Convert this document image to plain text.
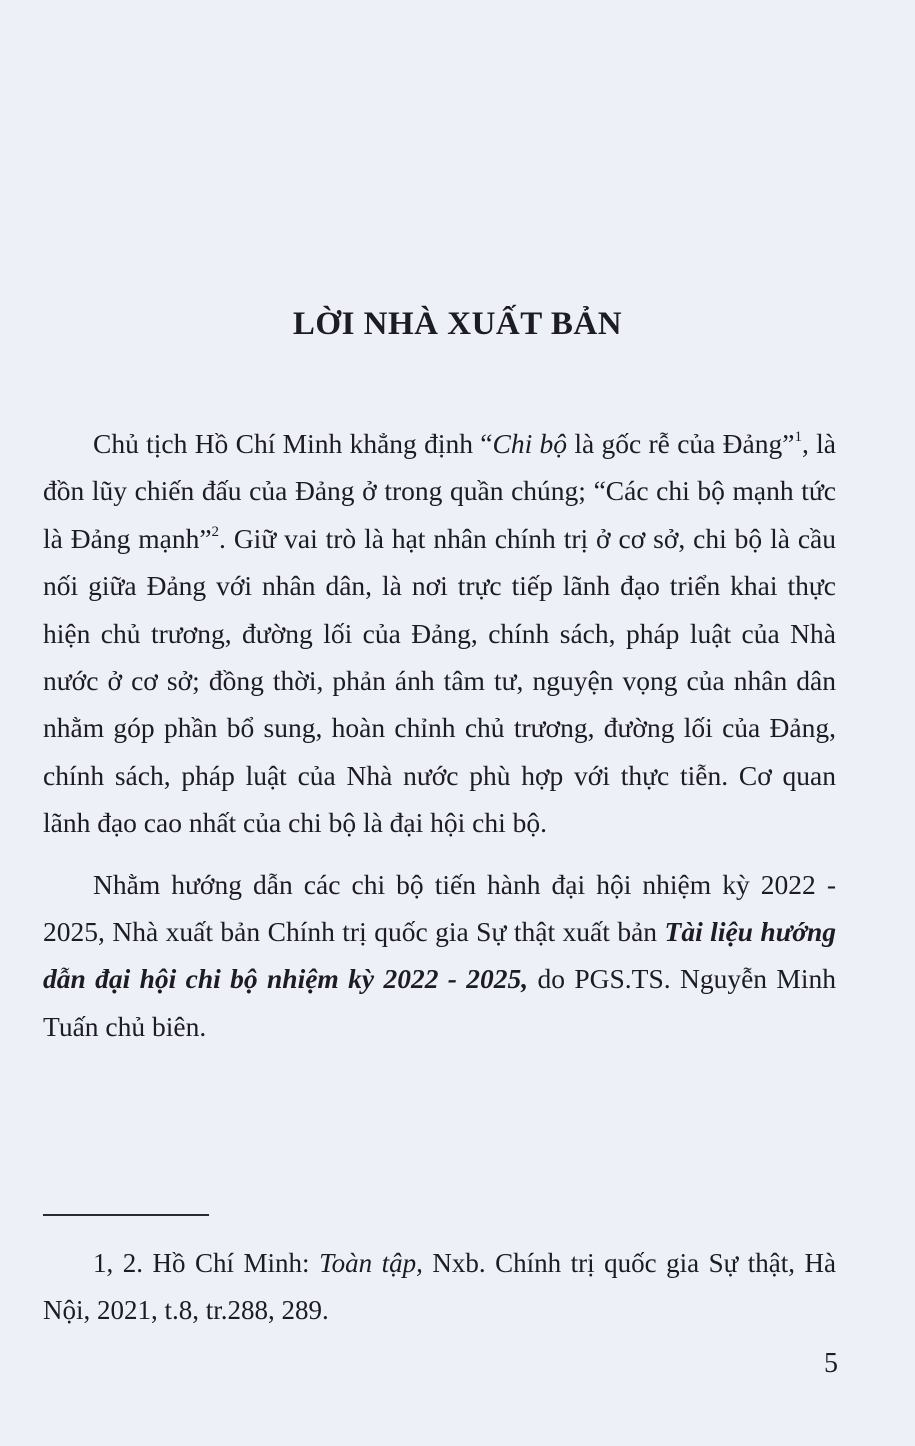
LỜI NHÀ XUẤT BẢN

Chủ tịch Hồ Chí Minh khẳng định “Chi bộ là gốc rễ của Đảng”$^1$, là đồn lũy chiến đấu của Đảng ở trong quần chúng; “Các chi bộ mạnh tức là Đảng mạnh”$^2$. Giữ vai trò là hạt nhân chính trị ở cơ sở, chi bộ là cầu nối giữa Đảng với nhân dân, là nơi trực tiếp lãnh đạo triển khai thực hiện chủ trương, đường lối của Đảng, chính sách, pháp luật của Nhà nước ở cơ sở; đồng thời, phản ánh tâm tư, nguyện vọng của nhân dân nhằm góp phần bổ sung, hoàn chỉnh chủ trương, đường lối của Đảng, chính sách, pháp luật của Nhà nước phù hợp với thực tiễn. Cơ quan lãnh đạo cao nhất của chi bộ là đại hội chi bộ.

Nhằm hướng dẫn các chi bộ tiến hành đại hội nhiệm kỳ 2022 - 2025, Nhà xuất bản Chính trị quốc gia Sự thật xuất bản Tài liệu hướng dẫn đại hội chi bộ nhiệm kỳ 2022 - 2025, do PGS.TS. Nguyễn Minh Tuấn chủ biên.

1, 2. Hồ Chí Minh: Toàn tập, Nxb. Chính trị quốc gia Sự thật, Hà Nội, 2021, t.8, tr.288, 289.
5
